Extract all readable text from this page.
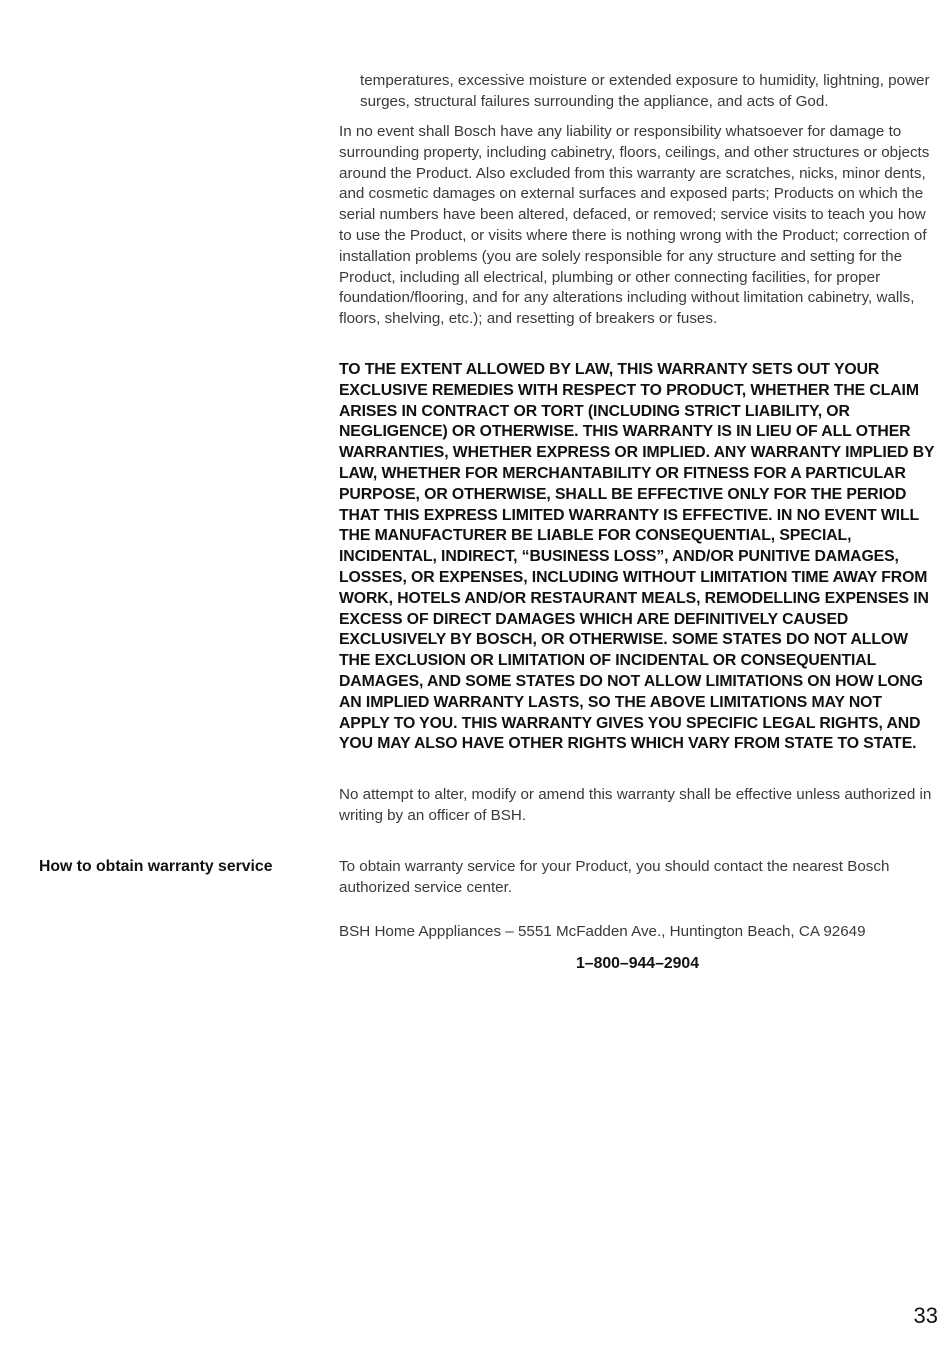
temperatures, excessive moisture or extended exposure to humidity, lightning, power surges, structural failures surrounding the appliance, and acts of God.

In no event shall Bosch have any liability or responsibility whatsoever for damage to surrounding property, including cabinetry, floors, ceilings, and other structures or objects around the Product. Also excluded from this warranty are scratches, nicks, minor dents, and cosmetic damages on external surfaces and exposed parts; Products on which the serial numbers have been altered, defaced, or removed; service visits to teach you how to use the Product, or visits where there is nothing wrong with the Product; correction of installation problems (you are solely responsible for any structure and setting for the Product, including all electrical, plumbing or other connecting facilities, for proper foundation/flooring, and for any alterations including without limitation cabinetry, walls, floors, shelving, etc.); and resetting of breakers or fuses.

TO THE EXTENT ALLOWED BY LAW, THIS WARRANTY SETS OUT YOUR EXCLUSIVE REMEDIES WITH RESPECT TO PRODUCT, WHETHER THE CLAIM ARISES IN CONTRACT OR TORT (INCLUDING STRICT LIABILITY, OR NEGLIGENCE) OR OTHERWISE. THIS WARRANTY IS IN LIEU OF ALL OTHER WARRANTIES, WHETHER EXPRESS OR IMPLIED. ANY WARRANTY IMPLIED BY LAW, WHETHER FOR MERCHANTABILITY OR FITNESS FOR A PARTICULAR PURPOSE, OR OTHERWISE, SHALL BE EFFECTIVE ONLY FOR THE PERIOD THAT THIS EXPRESS LIMITED WARRANTY IS EFFECTIVE. IN NO EVENT WILL THE MANUFACTURER BE LIABLE FOR CONSEQUENTIAL, SPECIAL, INCIDENTAL, INDIRECT, “BUSINESS LOSS”, AND/OR PUNITIVE DAMAGES, LOSSES, OR EXPENSES, INCLUDING WITHOUT LIMITATION TIME AWAY FROM WORK, HOTELS AND/OR RESTAURANT MEALS, REMODELLING EXPENSES IN EXCESS OF DIRECT DAMAGES WHICH ARE DEFINITIVELY CAUSED EXCLUSIVELY BY BOSCH, OR OTHERWISE. SOME STATES DO NOT ALLOW THE EXCLUSION OR LIMITATION OF INCIDENTAL OR CONSEQUENTIAL DAMAGES, AND SOME STATES DO NOT ALLOW LIMITATIONS ON HOW LONG AN IMPLIED WARRANTY LASTS, SO THE ABOVE LIMITATIONS MAY NOT APPLY TO YOU. THIS WARRANTY GIVES YOU SPECIFIC LEGAL RIGHTS, AND YOU MAY ALSO HAVE OTHER RIGHTS WHICH VARY FROM STATE TO STATE.

No attempt to alter, modify or amend this warranty shall be effective unless authorized in writing by an officer of BSH.

How to obtain warranty service	To obtain warranty service for your Product, you should contact the nearest Bosch authorized service center.

BSH Home Appp‌liances – 5551 McFadden Ave., Huntington Beach, CA 92649

1–800–944–2904

33
